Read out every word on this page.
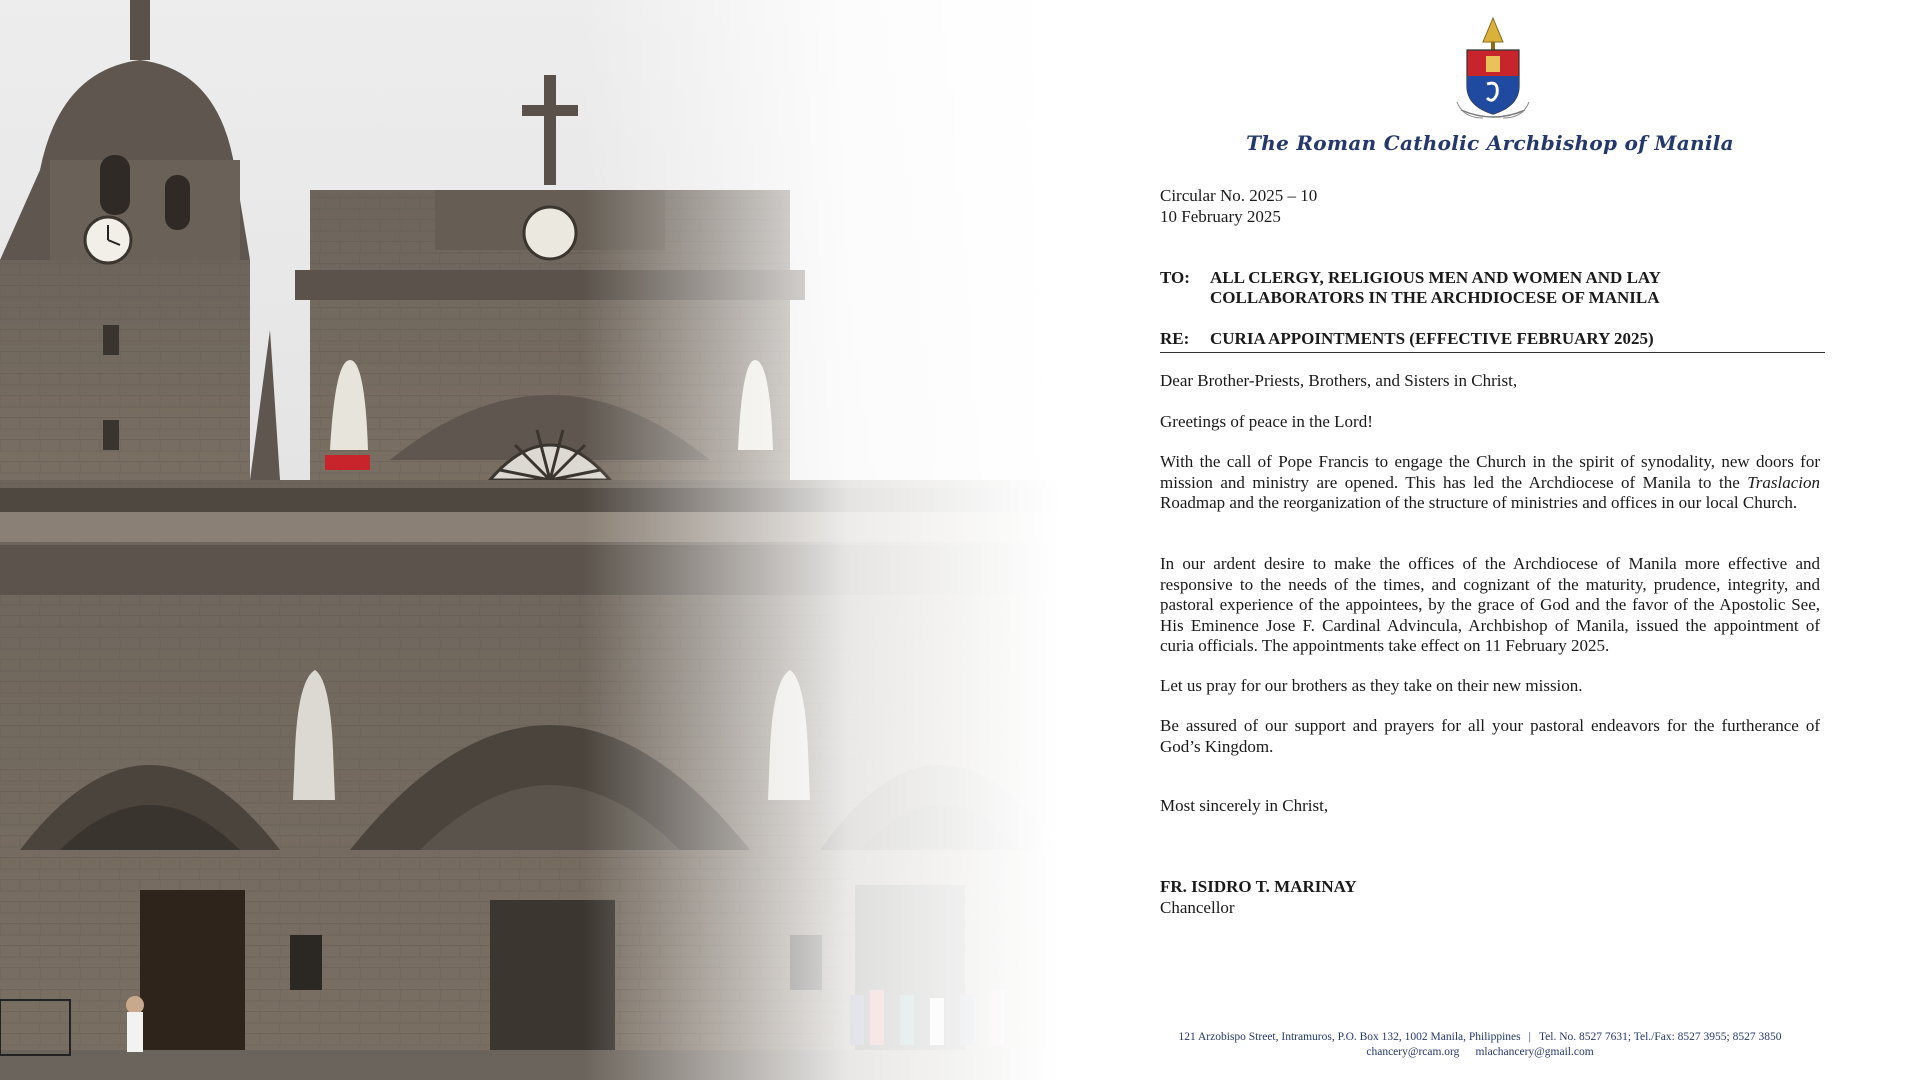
The Roman Catholic Archbishop of Manila
Circular No. 2025 – 10
10 February 2025
TO: ALL CLERGY, RELIGIOUS MEN AND WOMEN AND LAY
COLLABORATORS IN THE ARCHDIOCESE OF MANILA
RE: CURIA APPOINTMENTS (EFFECTIVE FEBRUARY 2025)
Dear Brother-Priests, Brothers, and Sisters in Christ,
Greetings of peace in the Lord!
With the call of Pope Francis to engage the Church in the spirit of synodality, new doors for mission and ministry are opened. This has led the Archdiocese of Manila to the Traslacion Roadmap and the reorganization of the structure of ministries and offices in our local Church.
In our ardent desire to make the offices of the Archdiocese of Manila more effective and responsive to the needs of the times, and cognizant of the maturity, prudence, integrity, and pastoral experience of the appointees, by the grace of God and the favor of the Apostolic See, His Eminence Jose F. Cardinal Advincula, Archbishop of Manila, issued the appointment of curia officials. The appointments take effect on 11 February 2025.
Let us pray for our brothers as they take on their new mission.
Be assured of our support and prayers for all your pastoral endeavors for the furtherance of God’s Kingdom.
Most sincerely in Christ,
FR. ISIDRO T. MARINAY
Chancellor
121 Arzobispo Street, Intramuros, P.O. Box 132, 1002 Manila, Philippines | Tel. No. 8527 7631; Tel./Fax: 8527 3955; 8527 3850
chancery@rcam.org mlachancery@gmail.com
